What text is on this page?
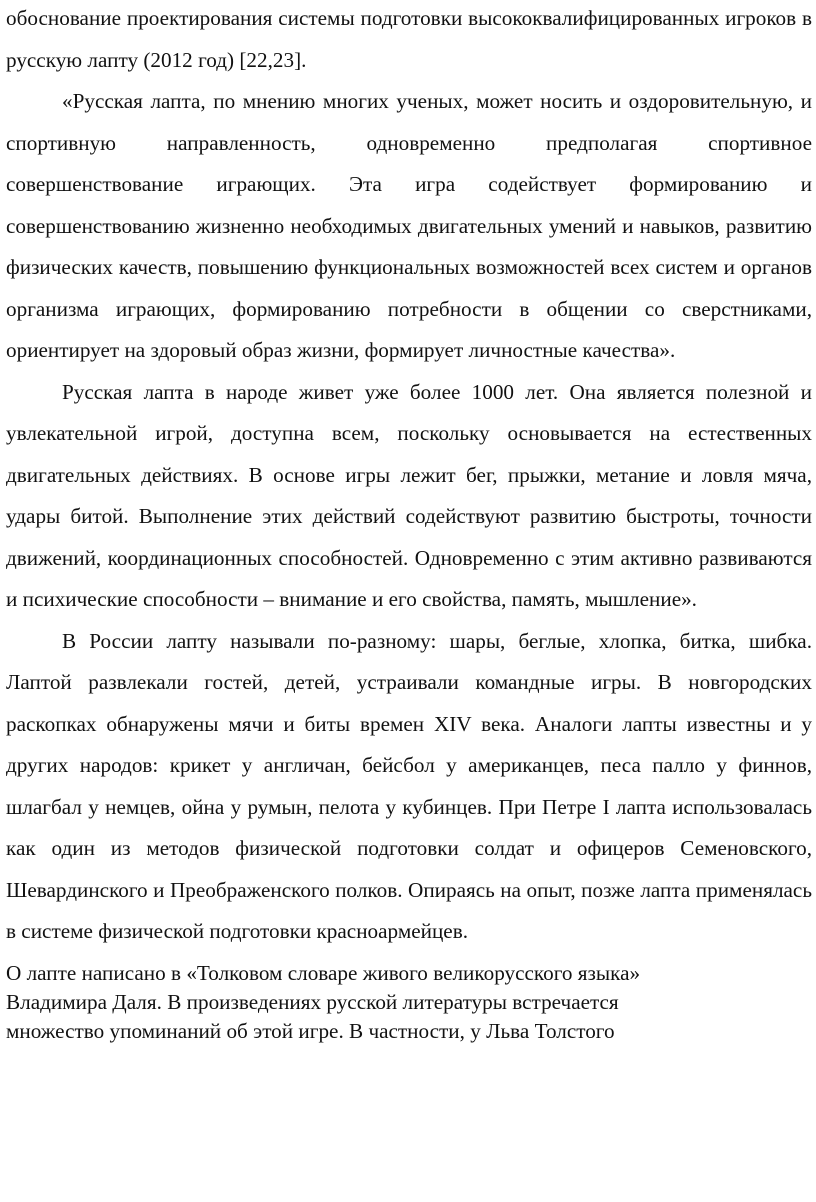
обоснование проектирования системы подготовки высококвалифицированных игроков в русскую лапту (2012 год) [22,23].

«Русская лапта, по мнению многих ученых, может носить и оздоровительную, и спортивную направленность, одновременно предполагая спортивное совершенствование играющих. Эта игра содействует формированию и совершенствованию жизненно необходимых двигательных умений и навыков, развитию физических качеств, повышению функциональных возможностей всех систем и органов организма играющих, формированию потребности в общении со сверстниками, ориентирует на здоровый образ жизни, формирует личностные качества».

Русская лапта в народе живет уже более 1000 лет. Она является полезной и увлекательной игрой, доступна всем, поскольку основывается на естественных двигательных действиях. В основе игры лежит бег, прыжки, метание и ловля мяча, удары битой. Выполнение этих действий содействуют развитию быстроты, точности движений, координационных способностей. Одновременно с этим активно развиваются и психические способности – внимание и его свойства, память, мышление».

В России лапту называли по-разному: шары, беглые, хлопка, битка, шибка. Лаптой развлекали гостей, детей, устраивали командные игры. В новгородских раскопках обнаружены мячи и биты времен XIV века. Аналоги лапты известны и у других народов: крикет у англичан, бейсбол у американцев, песа палло у финнов, шлагбал у немцев, ойна у румын, пелота у кубинцев. При Петре I лапта использовалась как один из методов физической подготовки солдат и офицеров Семеновского, Шевардинского и Преображенского полков. Опираясь на опыт, позже лапта применялась в системе физической подготовки красноармейцев.

О лапте написано в «Толковом словаре живого великорусского языка»
Владимира Даля. В произведениях русской литературы встречается
множество упоминаний об этой игре. В частности, у Льва Толстого
